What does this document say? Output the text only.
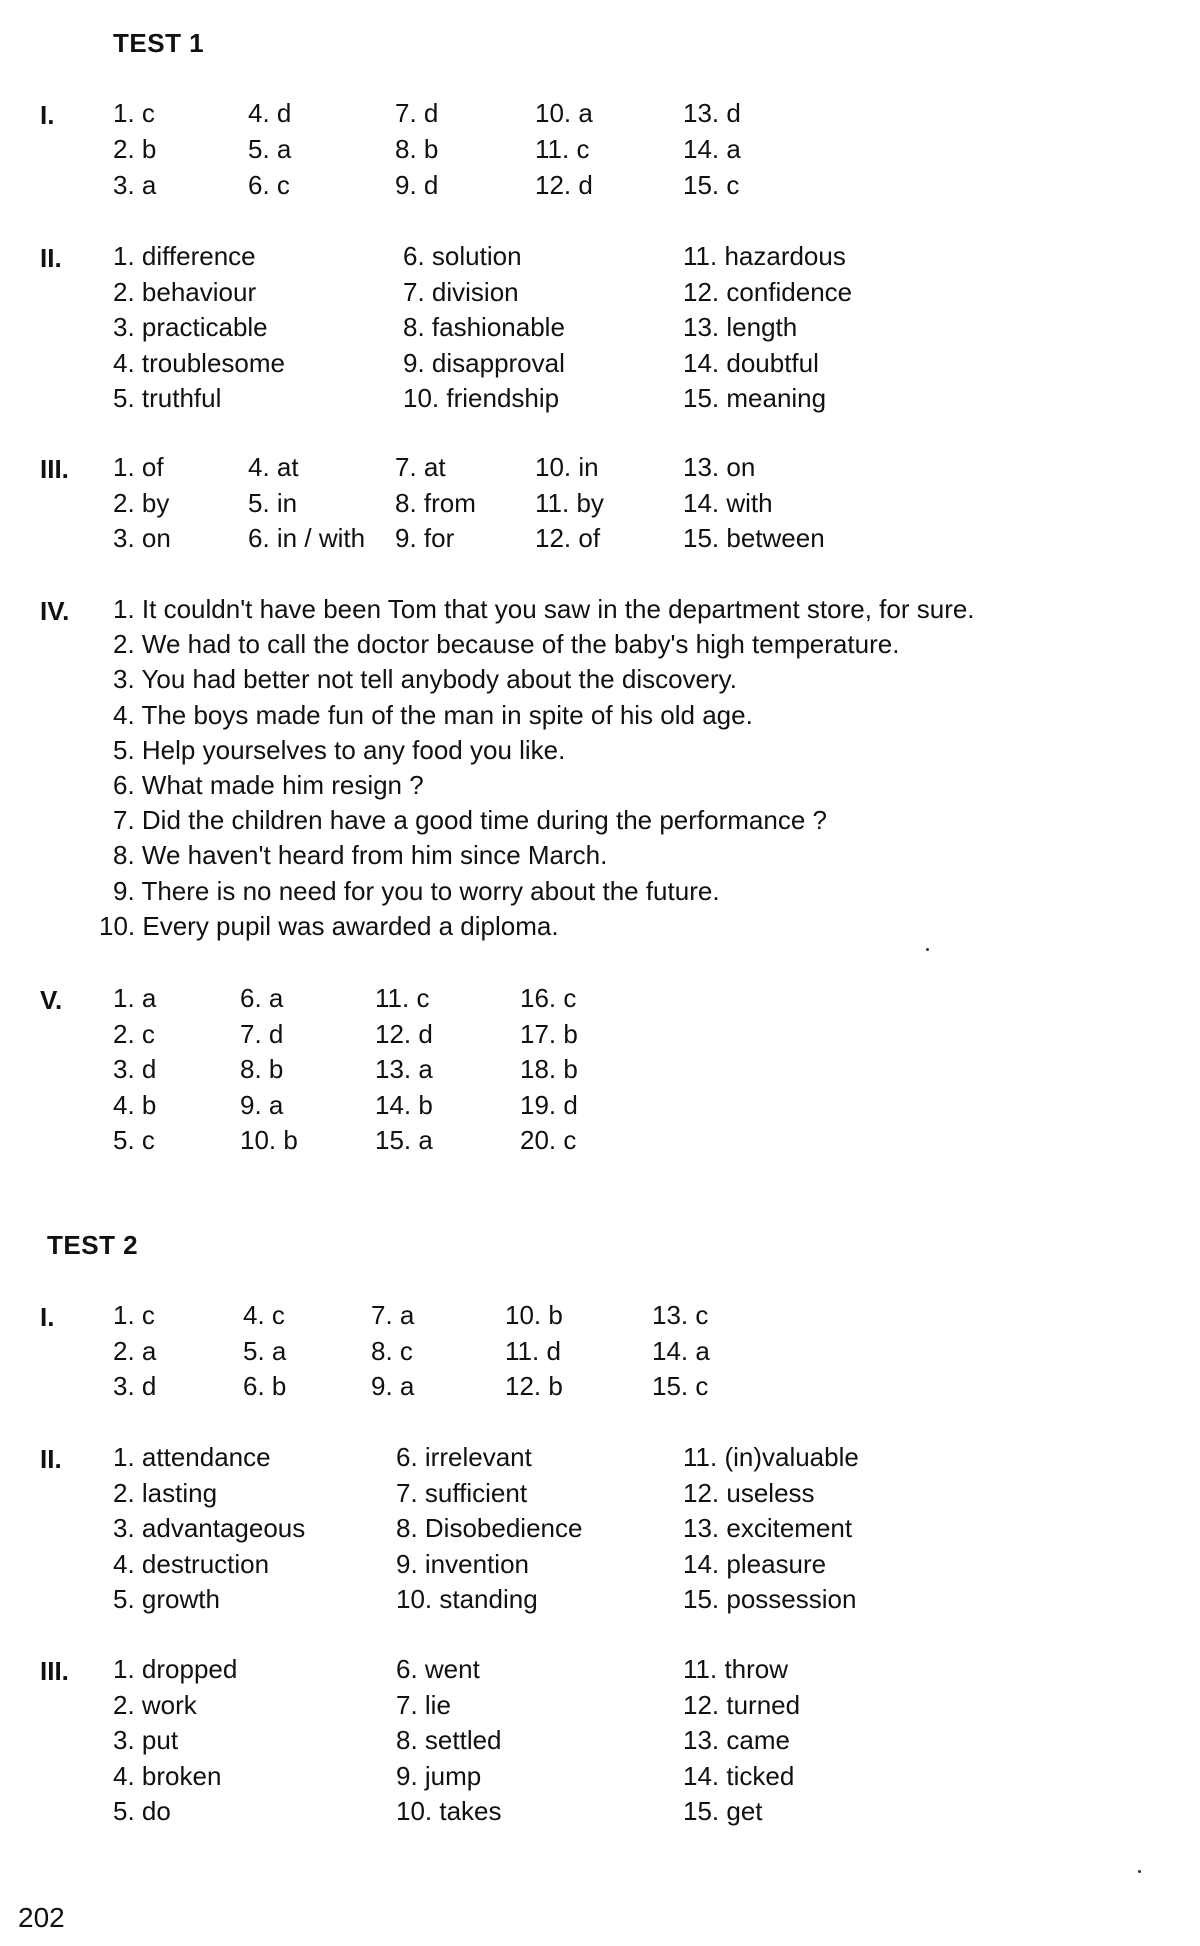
TEST 1
I.
II.
III.
IV.
V.
TEST 2
I.
II.
III.
202
1. c
2. b
3. a
4. d
5. a
6. c
7. d
8. b
9. d
10. a
11. c
12. d
13. d
14. a
15. c
1. difference
2. behaviour
3. practicable
4. troublesome
5. truthful
6. solution
7. division
8. fashionable
9. disapproval
10. friendship
11. hazardous
12. confidence
13. length
14. doubtful
15. meaning
1. of
2. by
3. on
4. at
5. in
6. in / with
7. at
8. from
9. for
10. in
11. by
12. of
13. on
14. with
15. between
1. It couldn't have been Tom that you saw in the department store, for sure.
2. We had to call the doctor because of the baby's high temperature.
3. You had better not tell anybody about the discovery.
4. The boys made fun of the man in spite of his old age.
5. Help yourselves to any food you like.
6. What made him resign ?
7. Did the children have a good time during the performance ?
8. We haven't heard from him since March.
9. There is no need for you to worry about the future.
10. Every pupil was awarded a diploma.
1. a
2. c
3. d
4. b
5. c
6. a
7. d
8. b
9. a
10. b
11. c
12. d
13. a
14. b
15. a
16. c
17. b
18. b
19. d
20. c
1. c
2. a
3. d
4. c
5. a
6. b
7. a
8. c
9. a
10. b
11. d
12. b
13. c
14. a
15. c
1. attendance
2. lasting
3. advantageous
4. destruction
5. growth
6. irrelevant
7. sufficient
8. Disobedience
9. invention
10. standing
11. (in)valuable
12. useless
13. excitement
14. pleasure
15. possession
1. dropped
2. work
3. put
4. broken
5. do
6. went
7. lie
8. settled
9. jump
10. takes
11. throw
12. turned
13. came
14. ticked
15. get
